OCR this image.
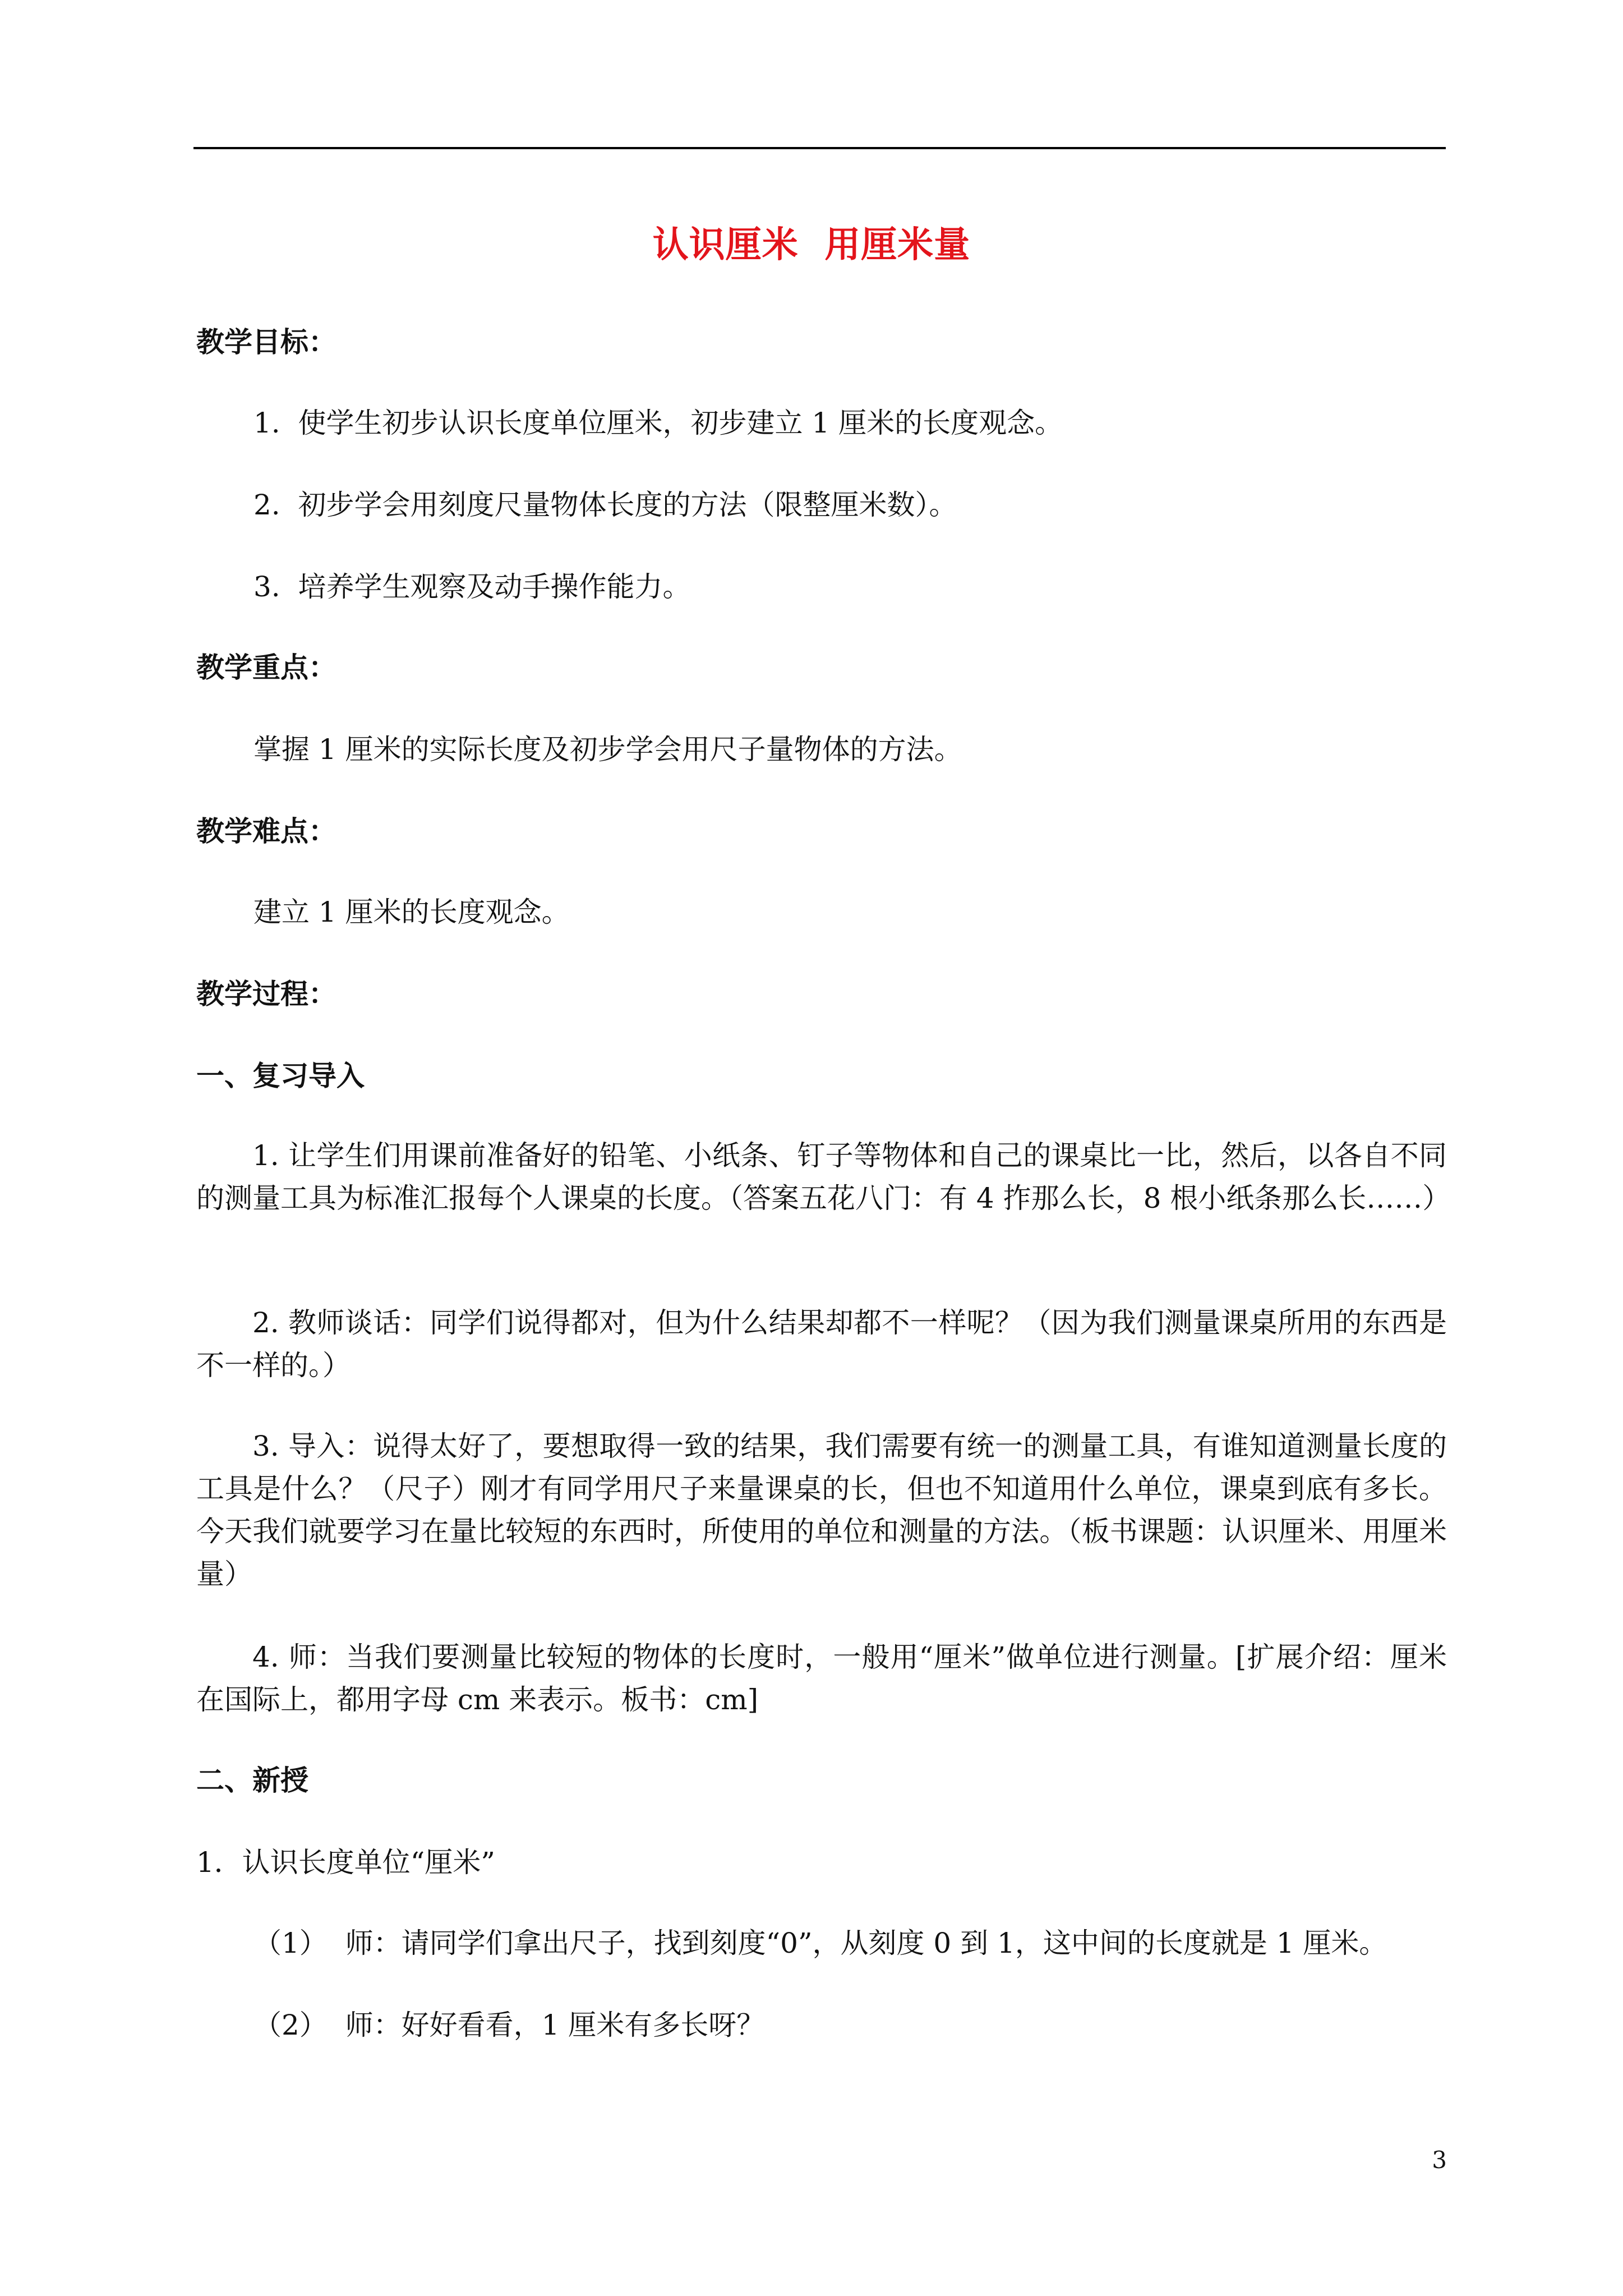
认识厘米  用厘米量
教学目标：
1.  使学生初步认识长度单位厘米，初步建立 1 厘米的长度观念。
2.  初步学会用刻度尺量物体长度的方法（限整厘米数）。
3.  培养学生观察及动手操作能力。
教学重点：
掌握 1 厘米的实际长度及初步学会用尺子量物体的方法。
教学难点：
建立 1 厘米的长度观念。
教学过程：
一、复习导入
1. 让学生们用课前准备好的铅笔、小纸条、钉子等物体和自己的课桌比一比，然后，以各自不同的测量工具为标准汇报每个人课桌的长度。（答案五花八门：有 4 拃那么长，8 根小纸条那么长……）
2. 教师谈话：同学们说得都对，但为什么结果却都不一样呢？（因为我们测量课桌所用的东西是不一样的。）
3. 导入：说得太好了，要想取得一致的结果，我们需要有统一的测量工具，有谁知道测量长度的工具是什么？（尺子）刚才有同学用尺子来量课桌的长，但也不知道用什么单位，课桌到底有多长。今天我们就要学习在量比较短的东西时，所使用的单位和测量的方法。（板书课题：认识厘米、用厘米量）
4. 师：当我们要测量比较短的物体的长度时，一般用“厘米”做单位进行测量。[扩展介绍：厘米在国际上，都用字母 cm 来表示。板书：cm]
二、新授
1．认识长度单位“厘米”
（1）  师：请同学们拿出尺子，找到刻度“0”，从刻度 0 到 1，这中间的长度就是 1 厘米。
（2）  师：好好看看，1 厘米有多长呀？
3
